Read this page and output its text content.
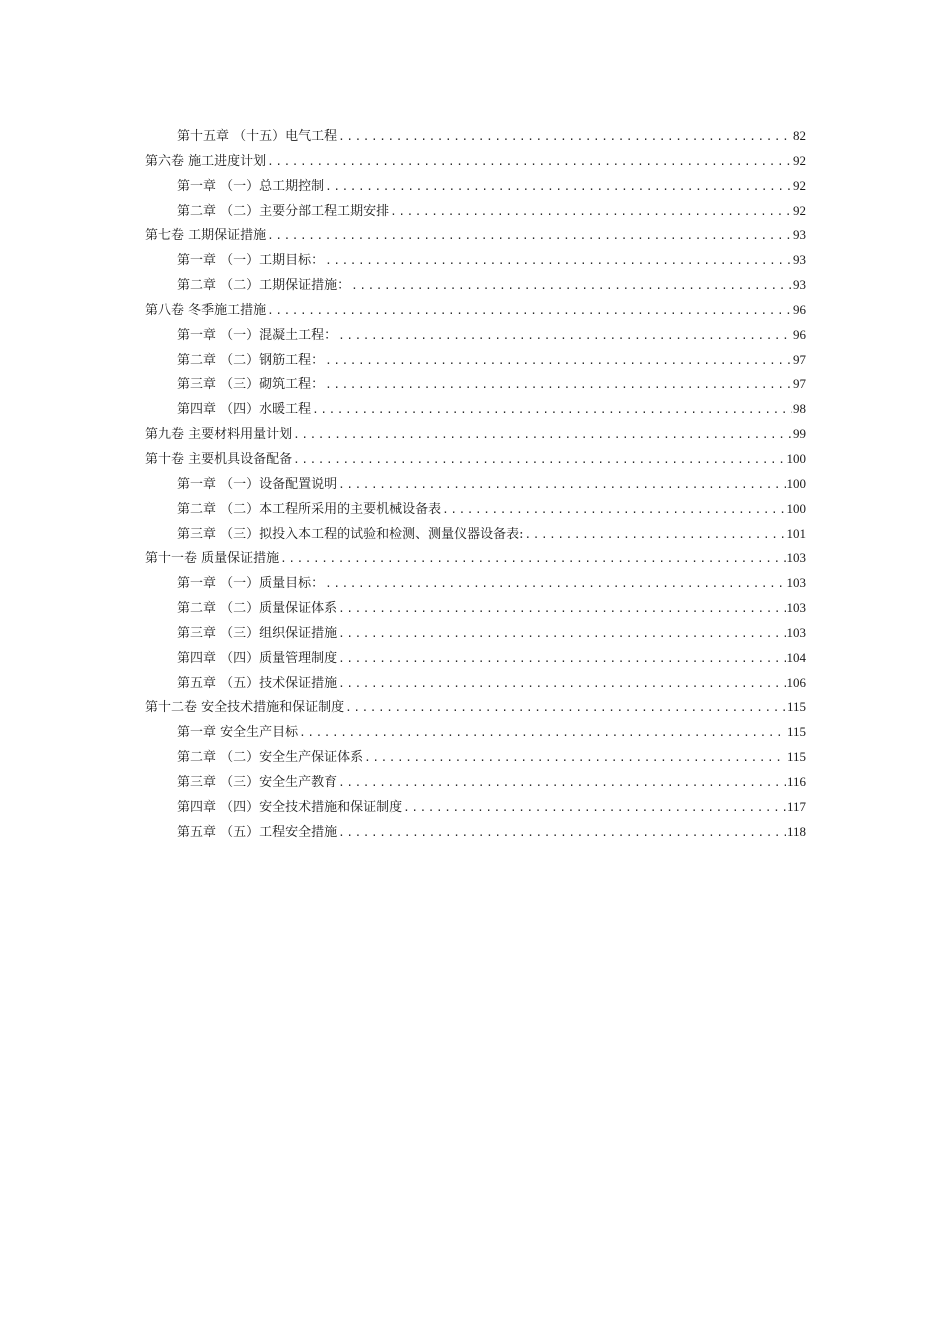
第十五章 （十五）电气工程 .....	82
第六卷 施工进度计划 .....	92
第一章 （一）总工期控制 .....	92
第二章 （二）主要分部工程工期安排 .....	92
第七卷 工期保证措施 .....	93
第一章 （一）工期目标： .....	93
第二章 （二）工期保证措施： .....	93
第八卷 冬季施工措施 .....	96
第一章 （一）混凝土工程： .....	96
第二章 （二）钢筋工程： .....	97
第三章 （三）砌筑工程： .....	97
第四章 （四）水暖工程 .....	98
第九卷 主要材料用量计划 .....	99
第十卷 主要机具设备配备 .....	100
第一章 （一）设备配置说明 .....	100
第二章 （二）本工程所采用的主要机械设备表 .....	100
第三章 （三）拟投入本工程的试验和检测、测量仪器设备表: .....	101
第十一卷 质量保证措施 .....	103
第一章 （一）质量目标： .....	103
第二章 （二）质量保证体系 .....	103
第三章 （三）组织保证措施 .....	103
第四章 （四）质量管理制度 .....	104
第五章 （五）技术保证措施 .....	106
第十二卷 安全技术措施和保证制度 .....	115
第一章 安全生产目标 .....	115
第二章 （二）安全生产保证体系 .....	115
第三章 （三）安全生产教育 .....	116
第四章 （四）安全技术措施和保证制度 .....	117
第五章 （五）工程安全措施 .....	118
